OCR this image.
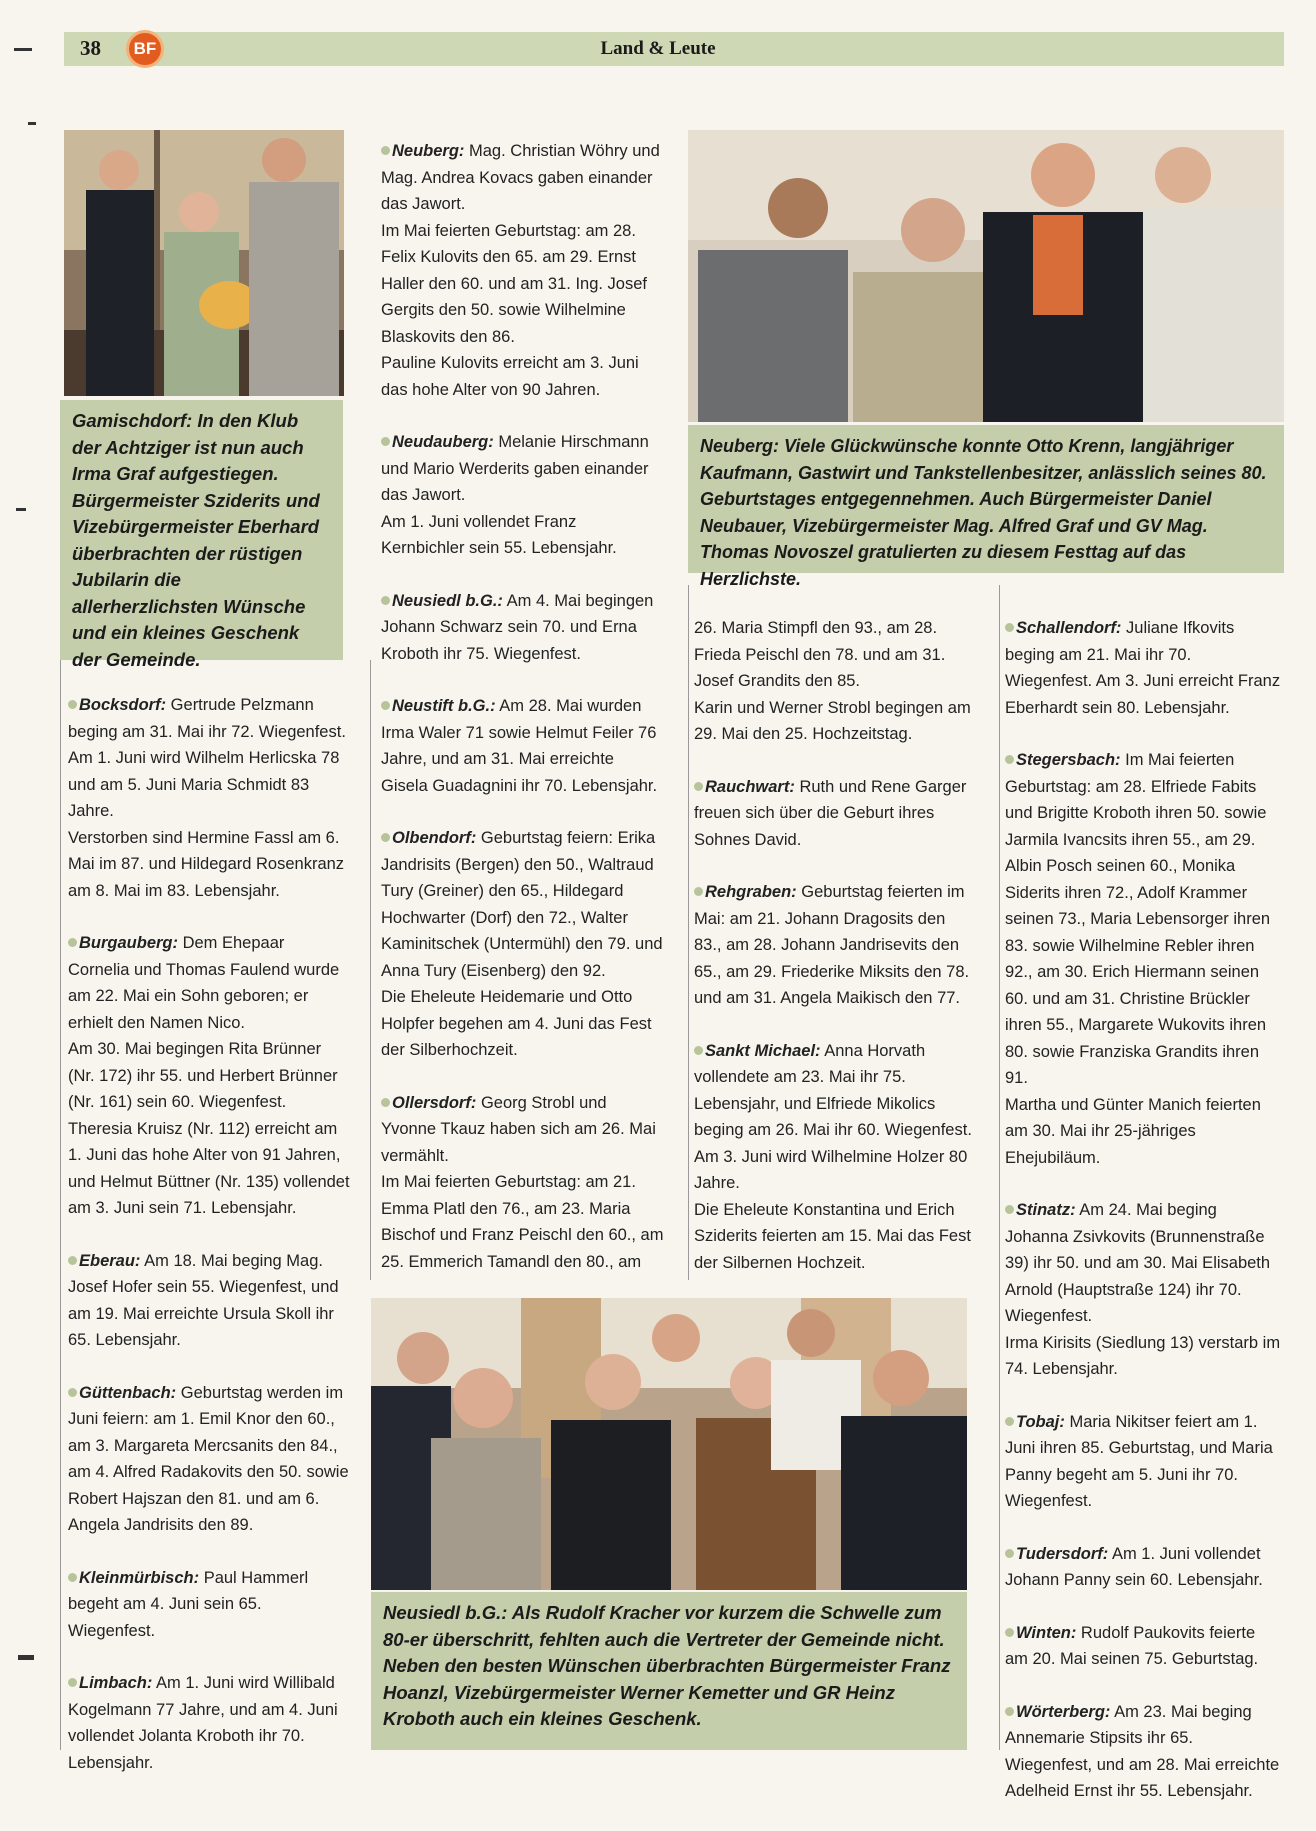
38	BF	Land & Leute
Gamischdorf: In den Klub der Achtziger ist nun auch Irma Graf aufgestiegen. Bürgermeister Sziderits und Vizebürgermeister Eberhard überbrachten der rüstigen Jubilarin die allerherzlichsten Wünsche und ein kleines Geschenk der Gemeinde.
Neuberg: Viele Glückwünsche konnte Otto Krenn, langjähriger Kaufmann, Gastwirt und Tankstellenbesitzer, anlässlich seines 80. Geburtstages entgegennehmen. Auch Bürgermeister Daniel Neubauer, Vizebürgermeister Mag. Alfred Graf und GV Mag. Thomas Novoszel gratulierten zu diesem Festtag auf das Herzlichste.
Neusiedl b.G.: Als Rudolf Kracher vor kurzem die Schwelle zum 80-er überschritt, fehlten auch die Vertreter der Gemeinde nicht. Neben den besten Wünschen überbrachten Bürgermeister Franz Hoanzl, Vizebürgermeister Werner Kemetter und GR Heinz Kroboth auch ein kleines Geschenk.

Bocksdorf: Gertrude Pelzmann beging am 31. Mai ihr 72. Wiegenfest. Am 1. Juni wird Wilhelm Herlicska 78 und am 5. Juni Maria Schmidt 83 Jahre.
Verstorben sind Hermine Fassl am 6. Mai im 87. und Hildegard Rosenkranz am 8. Mai im 83. Lebensjahr.

Burgauberg: Dem Ehepaar Cornelia und Thomas Faulend wurde am 22. Mai ein Sohn geboren; er erhielt den Namen Nico.
Am 30. Mai begingen Rita Brünner (Nr. 172) ihr 55. und Herbert Brünner (Nr. 161) sein 60. Wiegenfest.
Theresia Kruisz (Nr. 112) erreicht am 1. Juni das hohe Alter von 91 Jahren, und Helmut Büttner (Nr. 135) vollendet am 3. Juni sein 71. Lebensjahr.

Eberau: Am 18. Mai beging Mag. Josef Hofer sein 55. Wiegenfest, und am 19. Mai erreichte Ursula Skoll ihr 65. Lebensjahr.

Güttenbach: Geburtstag werden im Juni feiern: am 1. Emil Knor den 60., am 3. Margareta Mercsanits den 84., am 4. Alfred Radakovits den 50. sowie Robert Hajszan den 81. und am 6. Angela Jandrisits den 89.

Kleinmürbisch: Paul Hammerl begeht am 4. Juni sein 65. Wiegenfest.

Limbach: Am 1. Juni wird Willibald Kogelmann 77 Jahre, und am 4. Juni vollendet Jolanta Kroboth ihr 70. Lebensjahr.

Neuberg: Mag. Christian Wöhry und Mag. Andrea Kovacs gaben einander das Jawort.
Im Mai feierten Geburtstag: am 28. Felix Kulovits den 65. am 29. Ernst Haller den 60. und am 31. Ing. Josef Gergits den 50. sowie Wilhelmine Blaskovits den 86.
Pauline Kulovits erreicht am 3. Juni das hohe Alter von 90 Jahren.

Neudauberg: Melanie Hirschmann und Mario Werderits gaben einander das Jawort.
Am 1. Juni vollendet Franz Kernbichler sein 55. Lebensjahr.

Neusiedl b.G.: Am 4. Mai begingen Johann Schwarz sein 70. und Erna Kroboth ihr 75. Wiegenfest.

Neustift b.G.: Am 28. Mai wurden Irma Waler 71 sowie Helmut Feiler 76 Jahre, und am 31. Mai erreichte Gisela Guadagnini ihr 70. Lebensjahr.

Olbendorf: Geburtstag feiern: Erika Jandrisits (Bergen) den 50., Waltraud Tury (Greiner) den 65., Hildegard Hochwarter (Dorf) den 72., Walter Kaminitschek (Untermühl) den 79. und Anna Tury (Eisenberg) den 92.
Die Eheleute Heidemarie und Otto Holpfer begehen am 4. Juni das Fest der Silberhochzeit.

Ollersdorf: Georg Strobl und Yvonne Tkauz haben sich am 26. Mai vermählt.
Im Mai feierten Geburtstag: am 21. Emma Platl den 76., am 23. Maria Bischof und Franz Peischl den 60., am 25. Emmerich Tamandl den 80., am

26. Maria Stimpfl den 93., am 28. Frieda Peischl den 78. und am 31. Josef Grandits den 85.
Karin und Werner Strobl begingen am 29. Mai den 25. Hochzeitstag.

Rauchwart: Ruth und Rene Garger freuen sich über die Geburt ihres Sohnes David.

Rehgraben: Geburtstag feierten im Mai: am 21. Johann Dragosits den 83., am 28. Johann Jandrisevits den 65., am 29. Friederike Miksits den 78. und am 31. Angela Maikisch den 77.

Sankt Michael: Anna Horvath vollendete am 23. Mai ihr 75. Lebensjahr, und Elfriede Mikolics beging am 26. Mai ihr 60. Wiegenfest.
Am 3. Juni wird Wilhelmine Holzer 80 Jahre.
Die Eheleute Konstantina und Erich Sziderits feierten am 15. Mai das Fest der Silbernen Hochzeit.

Schallendorf: Juliane Ifkovits beging am 21. Mai ihr 70. Wiegenfest. Am 3. Juni erreicht Franz Eberhardt sein 80. Lebensjahr.

Stegersbach: Im Mai feierten Geburtstag: am 28. Elfriede Fabits und Brigitte Kroboth ihren 50. sowie Jarmila Ivancsits ihren 55., am 29. Albin Posch seinen 60., Monika Siderits ihren 72., Adolf Krammer seinen 73., Maria Lebensorger ihren 83. sowie Wilhelmine Rebler ihren 92., am 30. Erich Hiermann seinen 60. und am 31. Christine Brückler ihren 55., Margarete Wukovits ihren 80. sowie Franziska Grandits ihren 91.
Martha und Günter Manich feierten am 30. Mai ihr 25-jähriges Ehejubiläum.

Stinatz: Am 24. Mai beging Johanna Zsivkovits (Brunnenstraße 39) ihr 50. und am 30. Mai Elisabeth Arnold (Hauptstraße 124) ihr 70. Wiegenfest.
Irma Kirisits (Siedlung 13) verstarb im 74. Lebensjahr.

Tobaj: Maria Nikitser feiert am 1. Juni ihren 85. Geburtstag, und Maria Panny begeht am 5. Juni ihr 70. Wiegenfest.

Tudersdorf: Am 1. Juni vollendet Johann Panny sein 60. Lebensjahr.

Winten: Rudolf Paukovits feierte am 20. Mai seinen 75. Geburtstag.

Wörterberg: Am 23. Mai beging Annemarie Stipsits ihr 65. Wiegenfest, und am 28. Mai erreichte Adelheid Ernst ihr 55. Lebensjahr.
